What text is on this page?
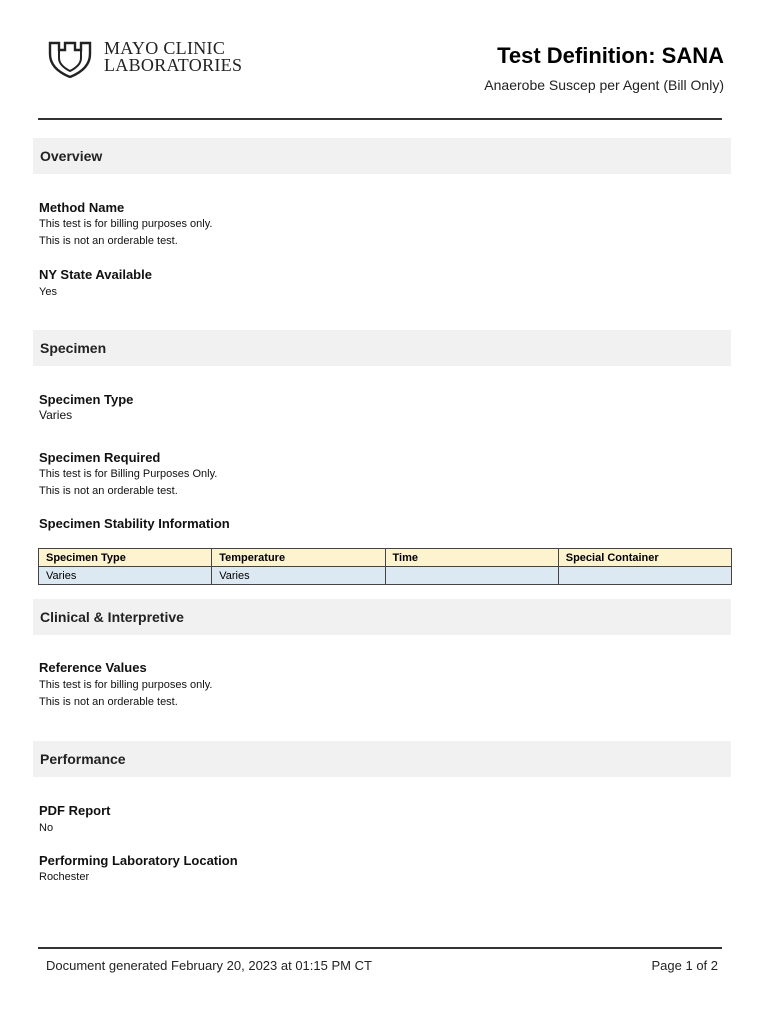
MAYO CLINIC
LABORATORIES	Test Definition: SANA
Anaerobe Suscep per Agent (Bill Only)
Overview
Method Name
This test is for billing purposes only.
This is not an orderable test.
NY State Available
Yes
Specimen
Specimen Type
Varies
Specimen Required
This test is for Billing Purposes Only.
This is not an orderable test.
Specimen Stability Information
Specimen Type	Temperature	Time	Special Container
Varies	Varies		
Clinical & Interpretive
Reference Values
This test is for billing purposes only.
This is not an orderable test.
Performance
PDF Report
No
Performing Laboratory Location
Rochester
Document generated February 20, 2023 at 01:15 PM CT	Page 1 of 2
